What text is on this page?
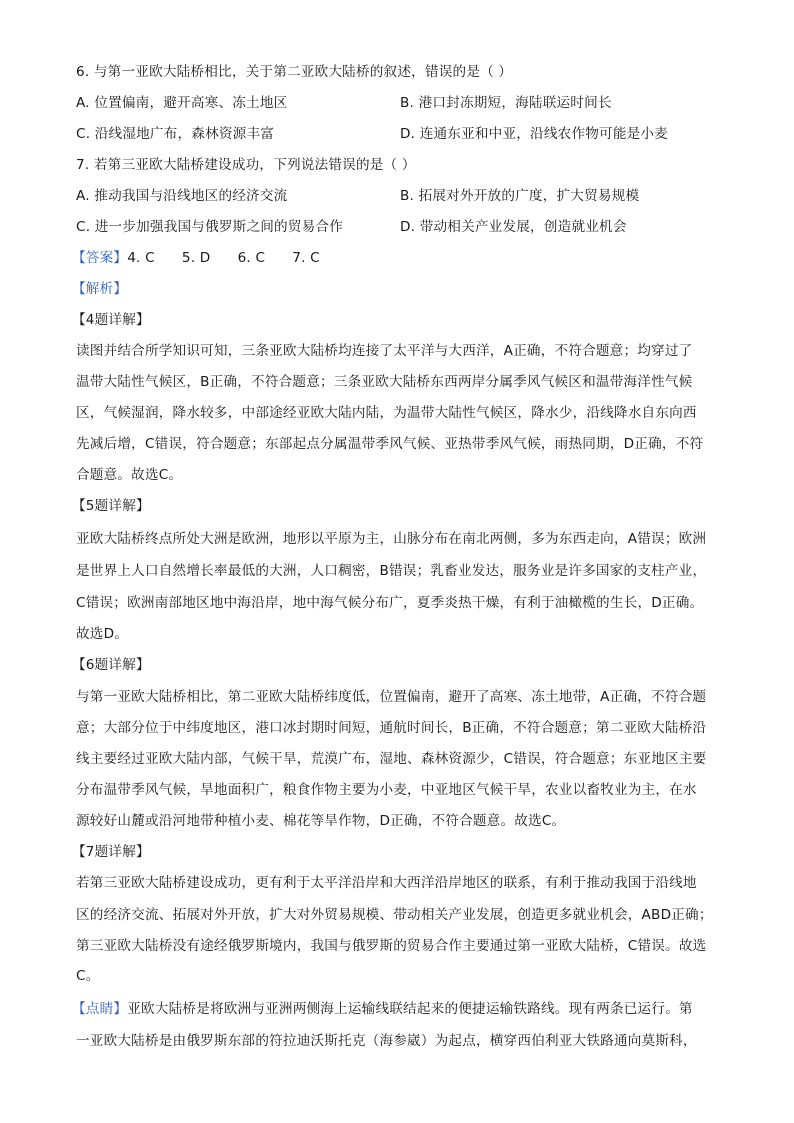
6. 与第一亚欧大陆桥相比，关于第二亚欧大陆桥的叙述，错误的是（ ）
A. 位置偏南，避开高寒、冻土地区	B. 港口封冻期短，海陆联运时间长
C. 沿线湿地广布，森林资源丰富	D. 连通东亚和中亚，沿线农作物可能是小麦
7. 若第三亚欧大陆桥建设成功，下列说法错误的是（ ）
A. 推动我国与沿线地区的经济交流	B. 拓展对外开放的广度，扩大贸易规模
C. 进一步加强我国与俄罗斯之间的贸易合作	D. 带动相关产业发展，创造就业机会
【答案】4. C      5. D      6. C      7. C
【解析】
【4题详解】
读图并结合所学知识可知，三条亚欧大陆桥均连接了太平洋与大西洋，A正确，不符合题意；均穿过了
温带大陆性气候区，B正确，不符合题意；三条亚欧大陆桥东西两岸分属季风气候区和温带海洋性气候
区，气候湿润，降水较多，中部途经亚欧大陆内陆，为温带大陆性气候区，降水少，沿线降水自东向西
先减后增，C错误，符合题意；东部起点分属温带季风气候、亚热带季风气候，雨热同期，D正确，不符
合题意。故选C。
【5题详解】
亚欧大陆桥终点所处大洲是欧洲，地形以平原为主，山脉分布在南北两侧，多为东西走向，A错误；欧洲
是世界上人口自然增长率最低的大洲，人口稠密，B错误；乳畜业发达，服务业是许多国家的支柱产业，
C错误；欧洲南部地区地中海沿岸，地中海气候分布广，夏季炎热干燥，有利于油橄榄的生长，D正确。
故选D。
【6题详解】
与第一亚欧大陆桥相比，第二亚欧大陆桥纬度低，位置偏南，避开了高寒、冻土地带，A正确，不符合题
意；大部分位于中纬度地区，港口冰封期时间短，通航时间长，B正确，不符合题意；第二亚欧大陆桥沿
线主要经过亚欧大陆内部，气候干旱，荒漠广布，湿地、森林资源少，C错误，符合题意；东亚地区主要
分布温带季风气候，旱地面积广，粮食作物主要为小麦，中亚地区气候干旱，农业以畜牧业为主，在水
源较好山麓或沿河地带种植小麦、棉花等旱作物，D正确，不符合题意。故选C。
【7题详解】
若第三亚欧大陆桥建设成功，更有利于太平洋沿岸和大西洋沿岸地区的联系，有利于推动我国于沿线地
区的经济交流、拓展对外开放，扩大对外贸易规模、带动相关产业发展，创造更多就业机会，ABD正确；
第三亚欧大陆桥没有途经俄罗斯境内，我国与俄罗斯的贸易合作主要通过第一亚欧大陆桥，C错误。故选
C。
【点睛】亚欧大陆桥是将欧洲与亚洲两侧海上运输线联结起来的便捷运输铁路线。现有两条已运行。第
一亚欧大陆桥是由俄罗斯东部的符拉迪沃斯托克（海参崴）为起点，横穿西伯利亚大铁路通向莫斯科，
